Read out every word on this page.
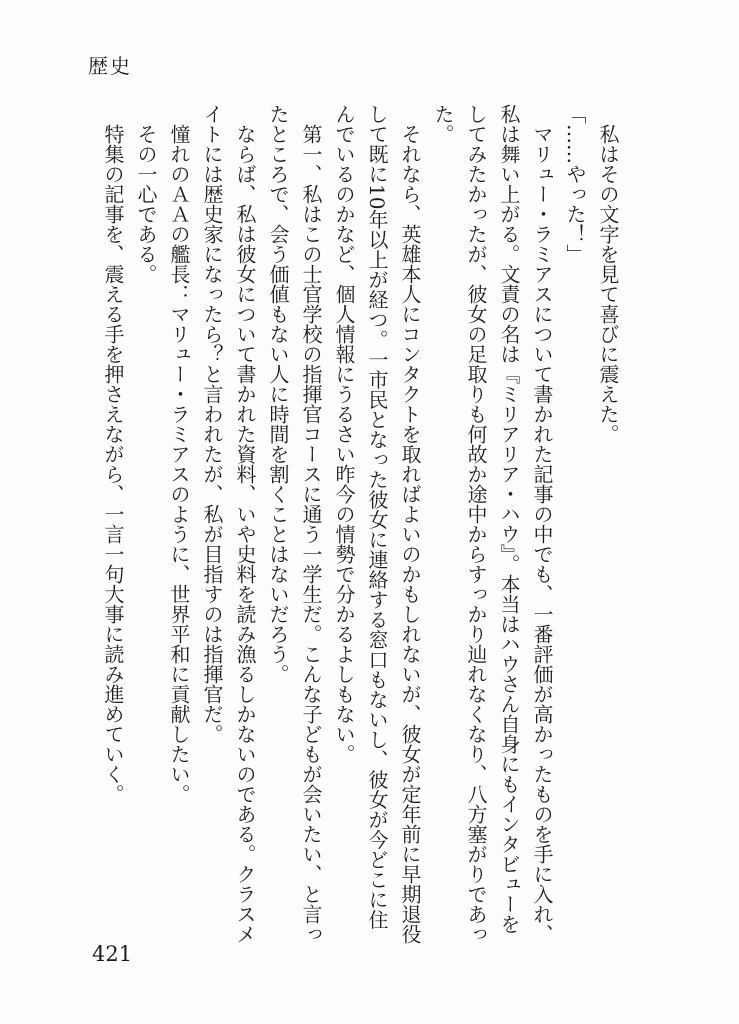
歴史

私はその文字を見て喜びに震えた。

「……やった！」

マリュー・ラミアスについて書かれた記事の中でも、一番評価が高かったものを手に入れ、私は舞い上がる。文責の名は『ミリアリア・ハウ』。本当はハウさん自身にもインタビューをしてみたかったが、彼女の足取りも何故か途中からすっかり辿れなくなり、八方塞がりであった。

それなら、英雄本人にコンタクトを取ればよいのかもしれないが、彼女が定年前に早期退役して既に10年以上が経つ。一市民となった彼女に連絡する窓口もないし、彼女が今どこに住んでいるのかなど、個人情報にうるさい昨今の情勢で分かるよしもない。

第一、私はこの士官学校の指揮官コースに通う一学生だ。こんな子どもが会いたい、と言ったところで、会う価値もない人に時間を割くことはないだろう。

ならば、私は彼女について書かれた資料、いや史料を読み漁るしかないのである。クラスメイトには歴史家になったら？と言われたが、私が目指すのは指揮官だ。

憧れのＡＡの艦長：マリュー・ラミアスのように、世界平和に貢献したい。

その一心である。

特集の記事を、震える手を押さえながら、一言一句大事に読み進めていく。

421
